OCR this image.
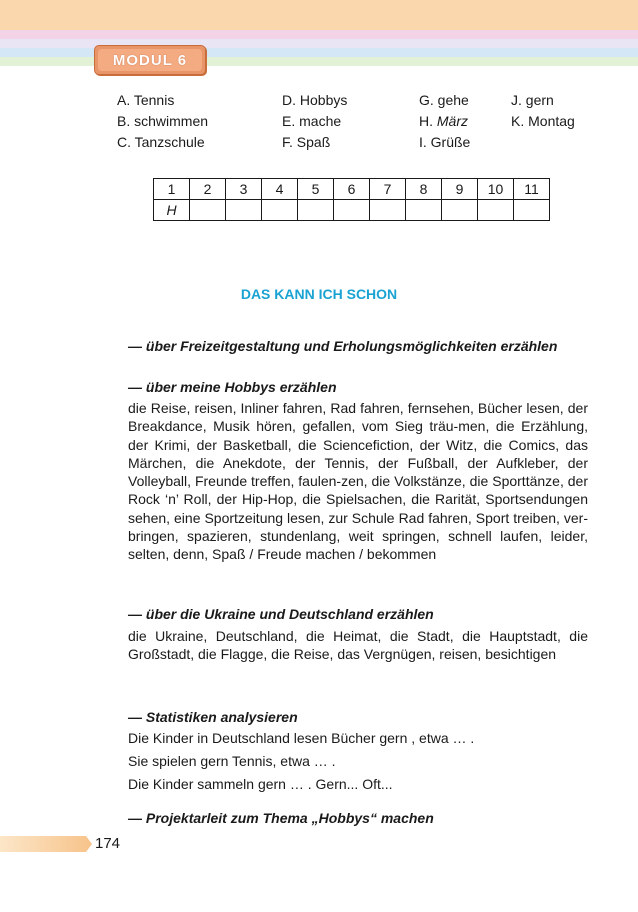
MODUL 6
A. Tennis
B. schwimmen
C. Tanzschule
D. Hobbys
E. mache
F. Spaß
G. gehe
H. März
I. Grüße
J. gern
K. Montag
1	2	3	4	5	6	7	8	9	10	11
H										
DAS KANN ICH SCHON
— über Freizeitgestaltung und Erholungsmöglichkeiten erzählen
— über meine Hobbys erzählen
die Reise, reisen, Inliner fahren, Rad fahren, fernsehen, Bücher lesen, der Breakdance, Musik hören, gefallen, vom Sieg träu-men, die Erzählung, der Krimi, der Basketball, die Sciencefiction, der Witz, die Comics, das Märchen, die Anekdote, der Tennis, der Fußball, der Aufkleber, der Volleyball, Freunde treffen, faulen-zen, die Volkstänze, die Sporttänze, der Rock ‘n’ Roll, der Hip-Hop, die Spielsachen, die Rarität, Sportsendungen sehen, eine Sportzeitung lesen, zur Schule Rad fahren, Sport treiben, ver-bringen, spazieren, stundenlang, weit springen, schnell laufen, leider, selten, denn, Spaß / Freude machen / bekommen
— über die Ukraine und Deutschland erzählen
die Ukraine, Deutschland, die Heimat, die Stadt, die Hauptstadt, die Großstadt, die Flagge, die Reise, das Vergnügen, reisen, besichtigen
— Statistiken analysieren
Die Kinder in Deutschland lesen Bücher gern , etwa … .
Sie spielen gern Tennis, etwa … .
Die Kinder sammeln gern … . Gern... Oft...
— Projektarleit zum Thema „Hobbys“ machen
174
